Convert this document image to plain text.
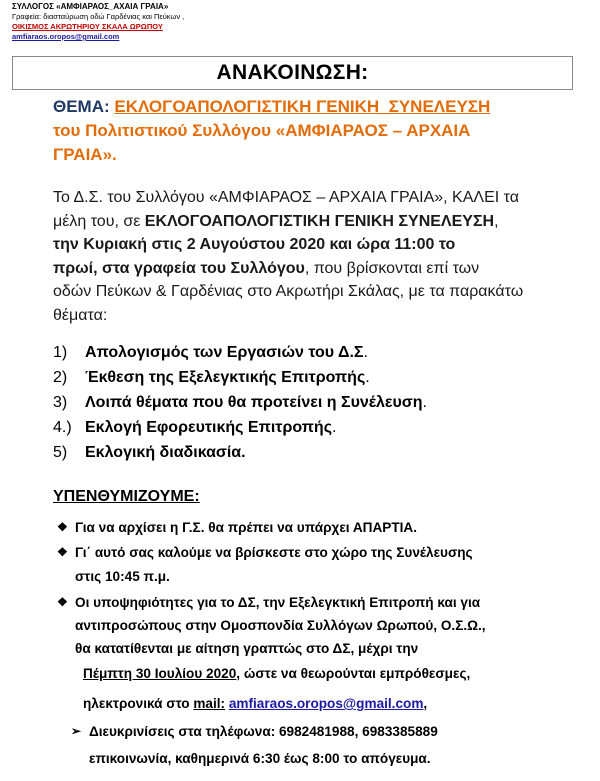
ΣΥΛΛΟΓΟΣ «ΑΜΦΙΑΡΑΟΣ_ΑΧΑΙΑ ΓΡΑΙΑ»
Γραφεία: διασταύρωση οδώ Γαρδένιας και Πεύκων ,
ΟΙΚΙΣΜΟΣ ΑΚΡΩΤΗΡΙΟΥ ΣΚΑΛΑ ΩΡΩΠΟΥ
amfiaraos.oropos@gmail.com
ΑΝΑΚΟΙΝΩΣΗ:
ΘΕΜΑ: ΕΚΛΟΓΟΑΠΟΛΟΓΙΣΤΙΚΗ ΓΕΝΙΚΗ_ΣΥΝΕΛΕΥΣΗ
του Πολιτιστικού Συλλόγου «ΑΜΦΙΑΡΑΟΣ – ΑΡΧΑΙΑ
ΓΡΑΙΑ».
Το Δ.Σ. του Συλλόγου «ΑΜΦΙΑΡΑΟΣ – ΑΡΧΑΙΑ ΓΡΑΙΑ», ΚΑΛΕΙ τα
μέλη του, σε ΕΚΛΟΓΟΑΠΟΛΟΓΙΣΤΙΚΗ ΓΕΝΙΚΗ ΣΥΝΕΛΕΥΣΗ,
την Κυριακή στις 2 Αυγούστου 2020 και ώρα 11:00 το
πρωί, στα γραφεία του Συλλόγου, που βρίσκονται επί των
οδών Πεύκων & Γαρδένιας στο Ακρωτήρι Σκάλας, με τα παρακάτω
θέματα:
1) Απολογισμός των Εργασιών του Δ.Σ.
2) Έκθεση της Εξελεγκτικής Επιτροπής.
3) Λοιπά θέματα που θα προτείνει η Συνέλευση.
4.) Εκλογή Εφορευτικής Επιτροπής.
5) Εκλογική διαδικασία.
ΥΠΕΝΘΥΜΙΖΟΥΜΕ:
❖ Για να αρχίσει η Γ.Σ. θα πρέπει να υπάρχει ΑΠΑΡΤΙΑ.
❖ Γι΄ αυτό σας καλούμε να βρίσκεστε στο χώρο της Συνέλευσης
στις 10:45 π.μ.
❖ Οι υποψηφιότητες για το ΔΣ, την Εξελεγκτική Επιτροπή και για
αντιπροσώπους στην Ομοσπονδία Συλλόγων Ωρωπού, Ο.Σ.Ω.,
θα κατατίθενται με αίτηση γραπτώς στο ΔΣ, μέχρι την
Πέμπτη 30 Ιουλίου 2020, ώστε να θεωρούνται εμπρόθεσμες,
ηλεκτρονικά στο mail: amfiaraos.oropos@gmail.com,
➢ Διευκρινίσεις στα τηλέφωνα: 6982481988, 6983385889
επικοινωνία, καθημερινά 6:30 έως 8:00 το απόγευμα.
